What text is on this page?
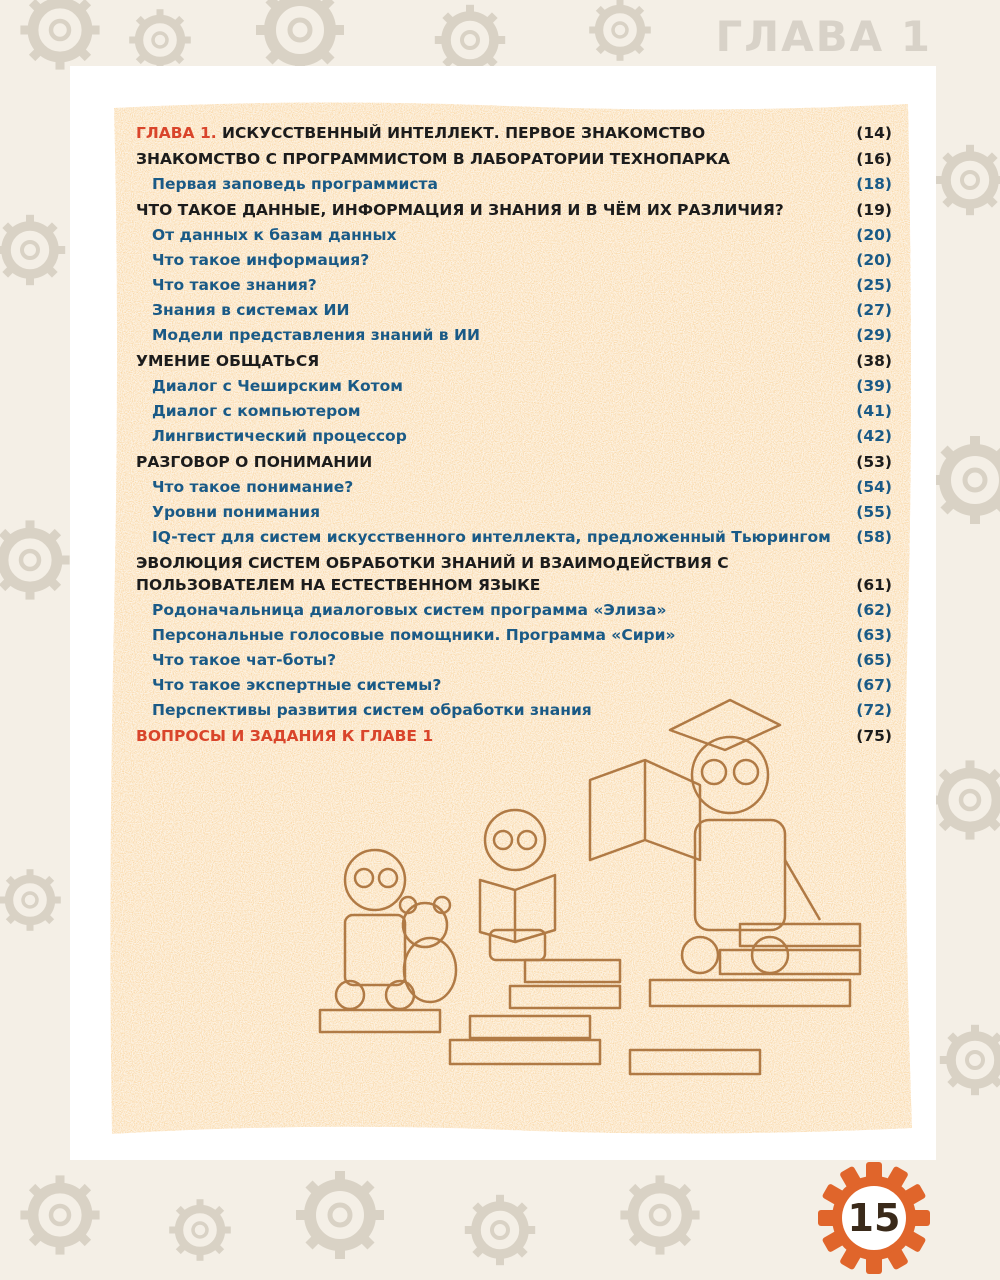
ГЛАВА 1
ГЛАВА 1. ИСКУССТВЕННЫЙ ИНТЕЛЛЕКТ. ПЕРВОЕ ЗНАКОМСТВО	(14)
ЗНАКОМСТВО С ПРОГРАММИСТОМ В ЛАБОРАТОРИИ ТЕХНОПАРКА	(16)
Первая заповедь программиста	(18)
ЧТО ТАКОЕ ДАННЫЕ, ИНФОРМАЦИЯ И ЗНАНИЯ И В ЧЁМ ИХ РАЗЛИЧИЯ?	(19)
От данных к базам данных	(20)
Что такое информация?	(20)
Что такое знания?	(25)
Знания в системах ИИ	(27)
Модели представления знаний в ИИ	(29)
УМЕНИЕ ОБЩАТЬСЯ	(38)
Диалог с Чеширским Котом	(39)
Диалог с компьютером	(41)
Лингвистический процессор	(42)
РАЗГОВОР О ПОНИМАНИИ	(53)
Что такое понимание?	(54)
Уровни понимания	(55)
IQ-тест для систем искусственного интеллекта, предложенный Тьюрингом	(58)
ЭВОЛЮЦИЯ СИСТЕМ ОБРАБОТКИ ЗНАНИЙ И ВЗАИМОДЕЙСТВИЯ С ПОЛЬЗОВАТЕЛЕМ НА ЕСТЕСТВЕННОМ ЯЗЫКЕ	(61)
Родоначальница диалоговых систем программа «Элиза»	(62)
Персональные голосовые помощники. Программа «Сири»	(63)
Что такое чат-боты?	(65)
Что такое экспертные системы?	(67)
Перспективы развития систем обработки знания	(72)
ВОПРОСЫ И ЗАДАНИЯ К ГЛАВЕ 1	(75)
15
